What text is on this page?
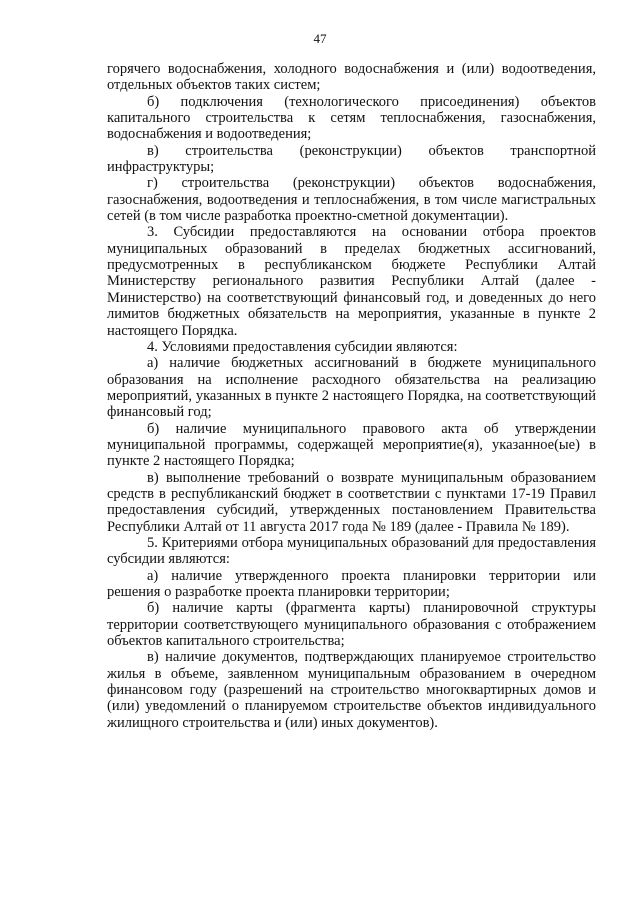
47

горячего водоснабжения, холодного водоснабжения и (или) водоотведения, отдельных объектов таких систем;

б) подключения (технологического присоединения) объектов капитального строительства к сетям теплоснабжения, газоснабжения, водоснабжения и водоотведения;

в) строительства (реконструкции) объектов транспортной инфраструктуры;

г) строительства (реконструкции) объектов водоснабжения, газоснабжения, водоотведения и теплоснабжения, в том числе магистральных сетей (в том числе разработка проектно-сметной документации).

3. Субсидии предоставляются на основании отбора проектов муниципальных образований в пределах бюджетных ассигнований, предусмотренных в республиканском бюджете Республики Алтай Министерству регионального развития Республики Алтай (далее - Министерство) на соответствующий финансовый год, и доведенных до него лимитов бюджетных обязательств на мероприятия, указанные в пункте 2 настоящего Порядка.

4. Условиями предоставления субсидии являются:

а) наличие бюджетных ассигнований в бюджете муниципального образования на исполнение расходного обязательства на реализацию мероприятий, указанных в пункте 2 настоящего Порядка, на соответствующий финансовый год;

б) наличие муниципального правового акта об утверждении муниципальной программы, содержащей мероприятие(я), указанное(ые) в пункте 2 настоящего Порядка;

в) выполнение требований о возврате муниципальным образованием средств в республиканский бюджет в соответствии с пунктами 17-19 Правил предоставления субсидий, утвержденных постановлением Правительства Республики Алтай от 11 августа 2017 года № 189 (далее - Правила № 189).

5. Критериями отбора муниципальных образований для предоставления субсидии являются:

а) наличие утвержденного проекта планировки территории или решения о разработке проекта планировки территории;

б) наличие карты (фрагмента карты) планировочной структуры территории соответствующего муниципального образования с отображением объектов капитального строительства;

в) наличие документов, подтверждающих планируемое строительство жилья в объеме, заявленном муниципальным образованием в очередном финансовом году (разрешений на строительство многоквартирных домов и (или) уведомлений о планируемом строительстве объектов индивидуального жилищного строительства и (или) иных документов).
